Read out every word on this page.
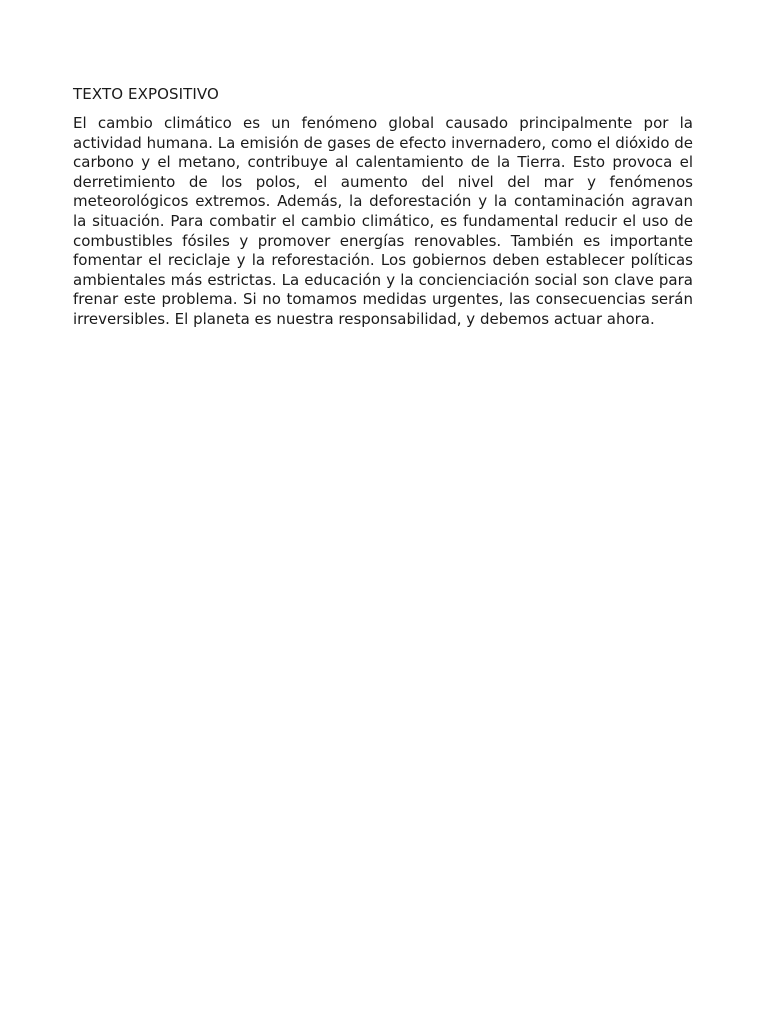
TEXTO EXPOSITIVO

El cambio climático es un fenómeno global causado principalmente por la actividad humana. La emisión de gases de efecto invernadero, como el dióxido de carbono y el metano, contribuye al calentamiento de la Tierra. Esto provoca el derretimiento de los polos, el aumento del nivel del mar y fenómenos meteorológicos extremos. Además, la deforestación y la contaminación agravan la situación. Para combatir el cambio climático, es fundamental reducir el uso de combustibles fósiles y promover energías renovables. También es importante fomentar el reciclaje y la reforestación. Los gobiernos deben establecer políticas ambientales más estrictas. La educación y la concienciación social son clave para frenar este problema. Si no tomamos medidas urgentes, las consecuencias serán irreversibles. El planeta es nuestra responsabilidad, y debemos actuar ahora.
